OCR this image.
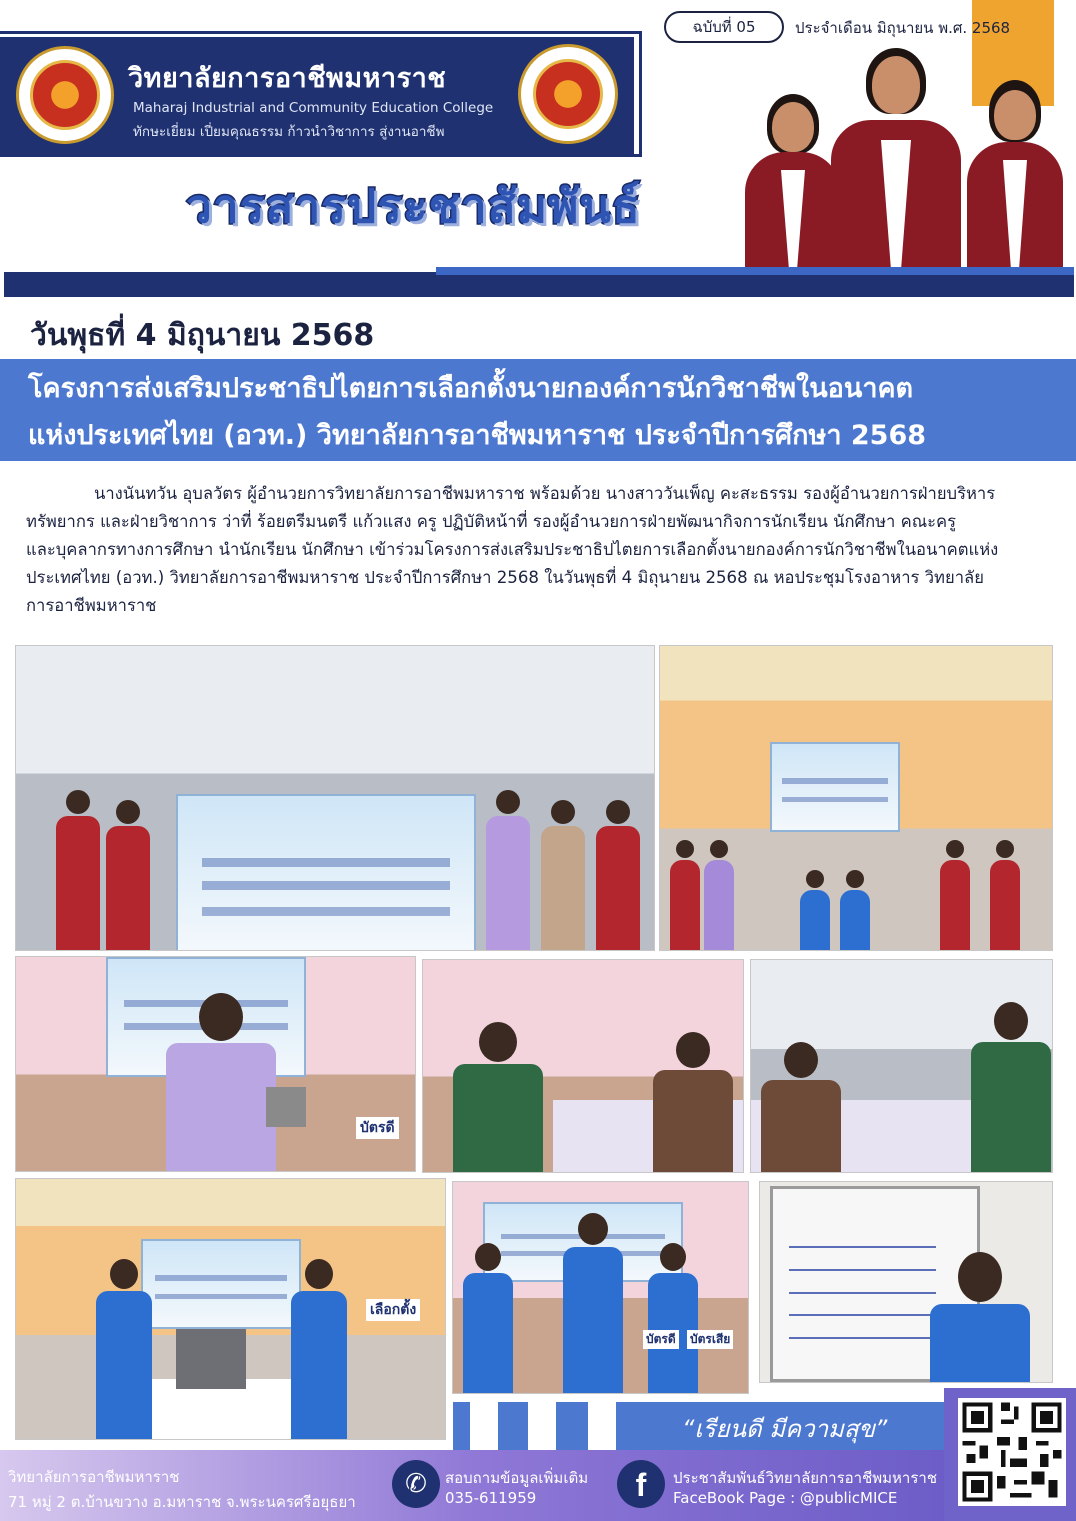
ฉบับที่ 05	ประจำเดือน มิถุนายน พ.ศ. 2568
วิทยาลัยการอาชีพมหาราช
Maharaj Industrial and Community Education College
ทักษะเยี่ยม เปี่ยมคุณธรรม ก้าวนำวิชาการ สู่งานอาชีพ
วารสารประชาสัมพันธ์
วันพุธที่ 4 มิถุนายน 2568
โครงการส่งเสริมประชาธิปไตยการเลือกตั้งนายกองค์การนักวิชาชีพในอนาคต
แห่งประเทศไทย (อวท.) วิทยาลัยการอาชีพมหาราช ประจำปีการศึกษา 2568
นางนันทวัน อุบลวัตร ผู้อำนวยการวิทยาลัยการอาชีพมหาราช พร้อมด้วย นางสาววันเพ็ญ คะสะธรรม รองผู้อำนวยการฝ่ายบริหาร
ทรัพยากร และฝ่ายวิชาการ ว่าที่ ร้อยตรีมนตรี แก้วแสง ครู ปฏิบัติหน้าที่ รองผู้อำนวยการฝ่ายพัฒนากิจการนักเรียน นักศึกษา คณะครู
และบุคลากรทางการศึกษา นำนักเรียน นักศึกษา เข้าร่วมโครงการส่งเสริมประชาธิปไตยการเลือกตั้งนายกองค์การนักวิชาชีพในอนาคตแห่ง
ประเทศไทย (อวท.) วิทยาลัยการอาชีพมหาราช ประจำปีการศึกษา 2568 ในวันพุธที่ 4 มิถุนายน 2568 ณ หอประชุมโรงอาหาร วิทยาลัย
การอาชีพมหาราช
บัตรดี
เลือกตั้ง
บัตรดี บัตรเสีย
“เรียนดี มีความสุข”
วิทยาลัยการอาชีพมหาราช
71 หมู่ 2 ต.บ้านขวาง อ.มหาราช จ.พระนครศรีอยุธยา
✆	สอบถามข้อมูลเพิ่มเติม
035-611959	f	ประชาสัมพันธ์วิทยาลัยการอาชีพมหาราช
FaceBook Page : @publicMICE
